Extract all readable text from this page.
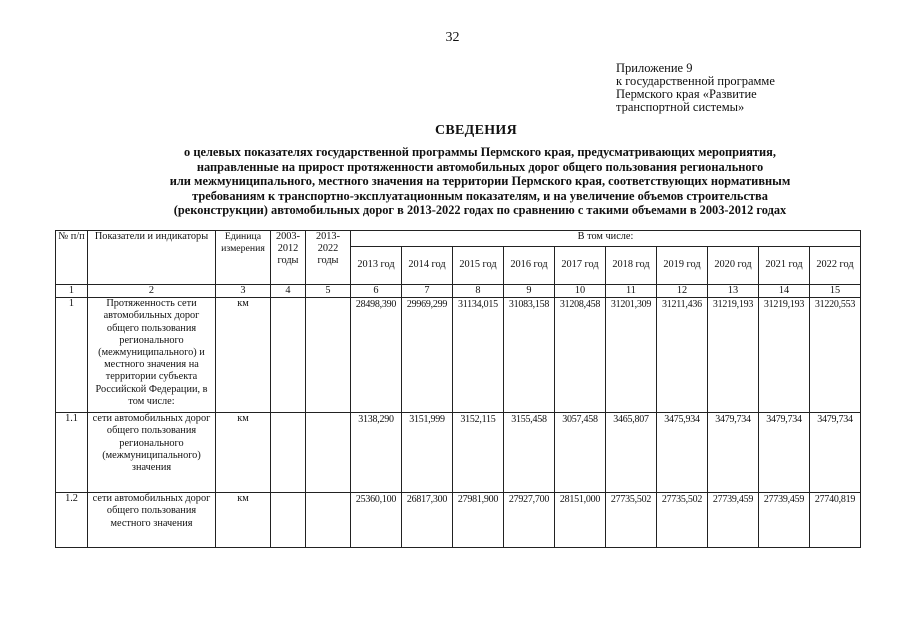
32
Приложение 9
к государственной программе
Пермского края «Развитие
транспортной системы»
СВЕДЕНИЯ
о целевых показателях государственной программы Пермского края, предусматривающих мероприятия,
направленные на прирост протяженности автомобильных дорог общего пользования регионального
или межмуниципального, местного значения на территории Пермского края, соответствующих нормативным
требованиям к транспортно-эксплуатационным показателям, и на увеличение объемов строительства
(реконструкции) автомобильных дорог в 2013-2022 годах по сравнению с такими объемами в 2003-2012 годах
№ п/п	Показатели и индикаторы	Единица измерения	2003- 2012 годы	2013- 2022 годы	В том числе:									
					2013 год	2014 год	2015 год	2016 год	2017 год	2018 год	2019 год	2020 год	2021 год	2022 год
1	2	3	4	5	6	7	8	9	10	11	12	13	14	15
1	Протяженность сети автомобильных дорог общего пользования регионального (межмуниципального) и местного значения на территории субъекта Российской Федерации, в том числе:	км			28498,390	29969,299	31134,015	31083,158	31208,458	31201,309	31211,436	31219,193	31219,193	31220,553
1.1	сети автомобильных дорог общего пользования регионального (межмуниципального) значения	км			3138,290	3151,999	3152,115	3155,458	3057,458	3465,807	3475,934	3479,734	3479,734	3479,734
1.2	сети автомобильных дорог общего пользования местного значения	км			25360,100	26817,300	27981,900	27927,700	28151,000	27735,502	27735,502	27739,459	27739,459	27740,819
